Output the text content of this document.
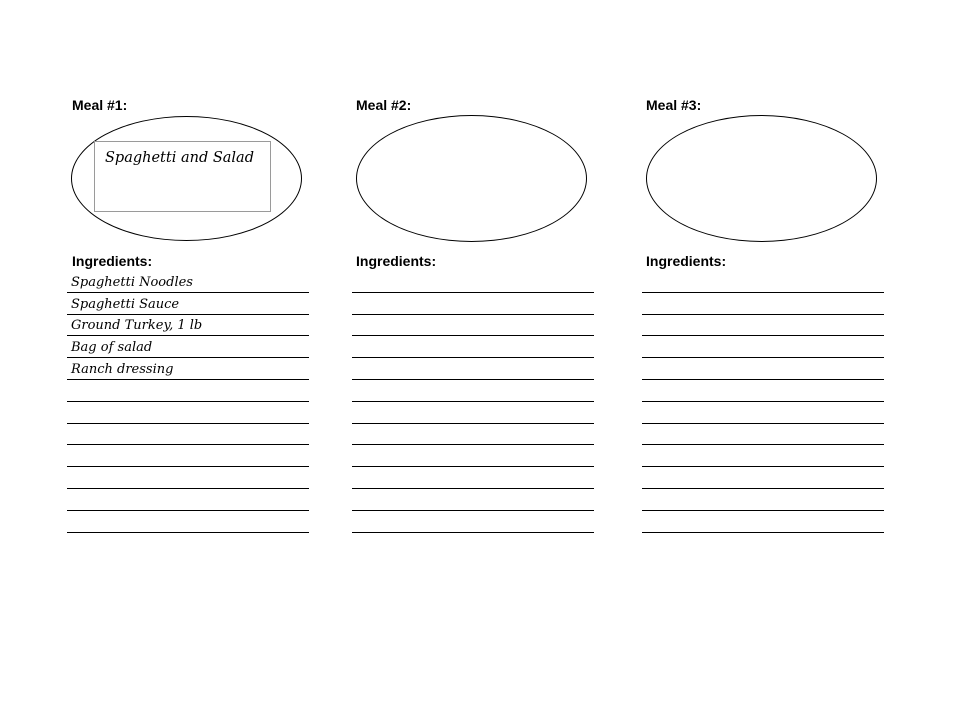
Meal #1:
Spaghetti and Salad
Ingredients:
Spaghetti Noodles
Spaghetti Sauce
Ground Turkey, 1 lb
Bag of salad
Ranch dressing
Meal #2:
Ingredients:
Meal #3:
Ingredients:
